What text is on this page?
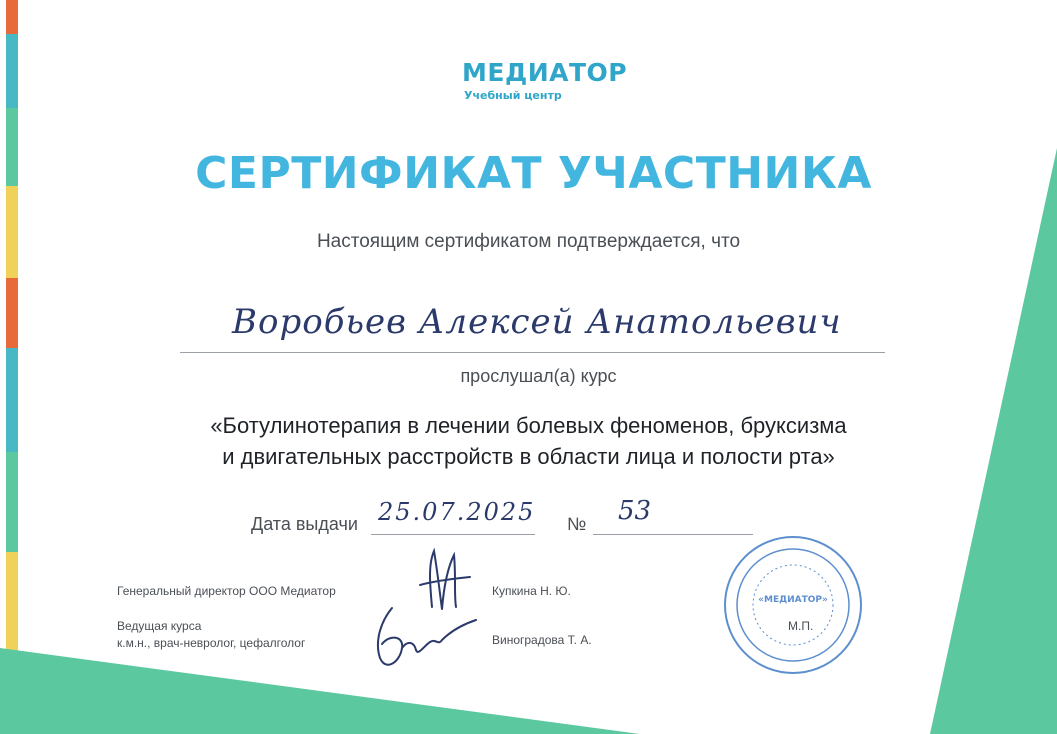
МЕДИАТОР
Учебный центр
СЕРТИФИКАТ УЧАСТНИКА
Настоящим сертификатом подтверждается, что
Воробьев Алексей Анатольевич
прослушал(а) курс
«Ботулинотерапия в лечении болевых феноменов, бруксизма
и двигательных расстройств в области лица и полости рта»
Дата выдачи 25.07.2025 № 53
Генеральный директор ООО Медиатор	Купкина Н. Ю.
Ведущая курса
к.м.н., врач-невролог, цефалголог	Виноградова Т. А.
«МЕДИАТОР»
М.П.
